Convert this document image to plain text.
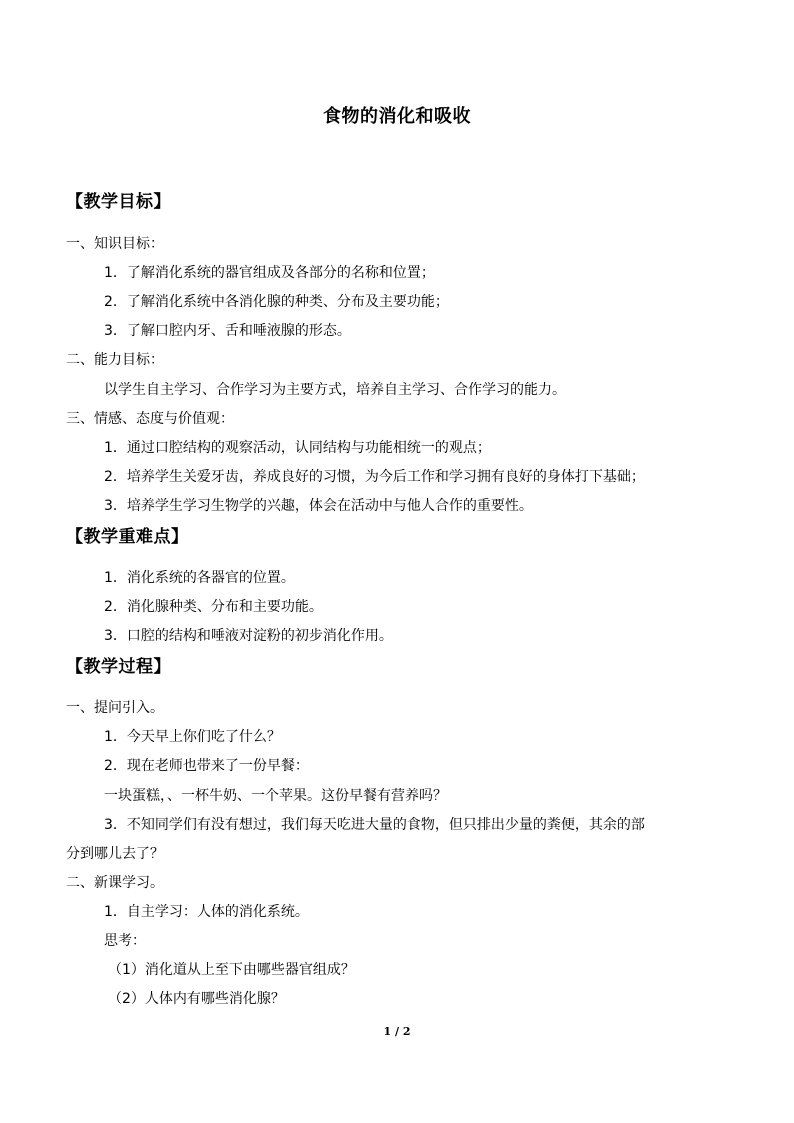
食物的消化和吸收
【教学目标】
一、知识目标：
1．了解消化系统的器官组成及各部分的名称和位置；
2．了解消化系统中各消化腺的种类、分布及主要功能；
3．了解口腔内牙、舌和唾液腺的形态。
二、能力目标：
以学生自主学习、合作学习为主要方式，培养自主学习、合作学习的能力。
三、情感、态度与价值观：
1．通过口腔结构的观察活动，认同结构与功能相统一的观点；
2．培养学生关爱牙齿，养成良好的习惯，为今后工作和学习拥有良好的身体打下基础；
3．培养学生学习生物学的兴趣，体会在活动中与他人合作的重要性。
【教学重难点】
1．消化系统的各器官的位置。
2．消化腺种类、分布和主要功能。
3．口腔的结构和唾液对淀粉的初步消化作用。
【教学过程】
一、提问引入。
1．今天早上你们吃了什么？
2．现在老师也带来了一份早餐：
一块蛋糕，、一杯牛奶、一个苹果。这份早餐有营养吗？
3．不知同学们有没有想过，我们每天吃进大量的食物，但只排出少量的粪便，其余的部
分到哪儿去了？
二、新课学习。
1．自主学习：人体的消化系统。
思考：
（1）消化道从上至下由哪些器官组成？
（2）人体内有哪些消化腺？
1 / 2
